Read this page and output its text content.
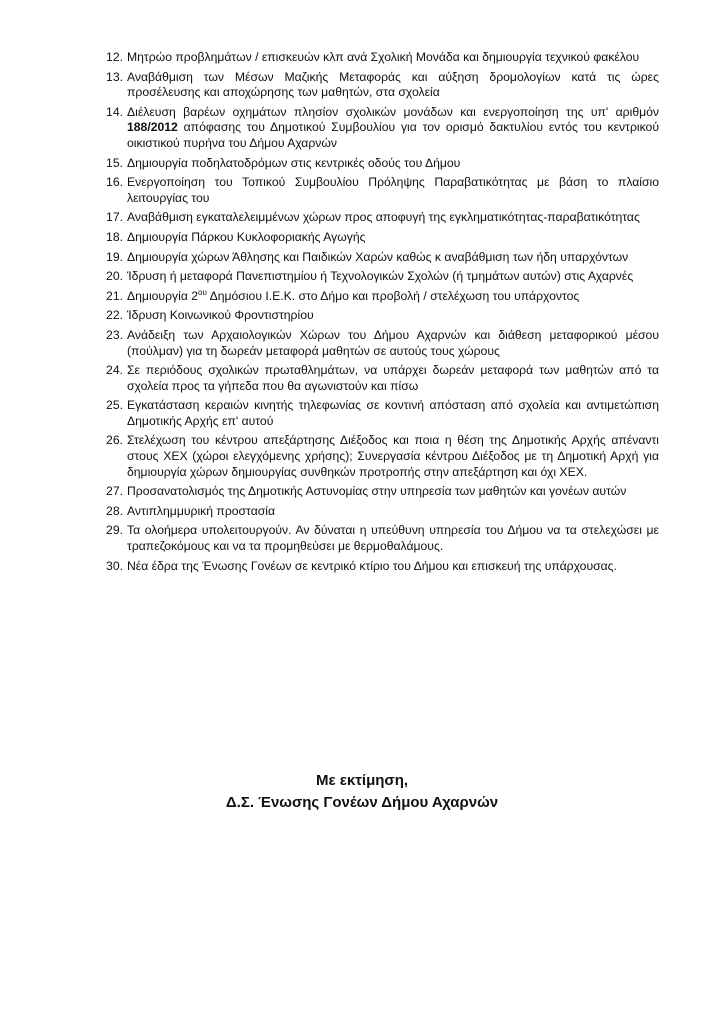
12. Μητρώο προβλημάτων / επισκευών κλπ ανά Σχολική Μονάδα και δημιουργία τεχνικού φακέλου
13. Αναβάθμιση των Μέσων Μαζικής Μεταφοράς και αύξηση δρομολογίων κατά τις ώρες προσέλευσης και αποχώρησης των μαθητών, στα σχολεία
14. Διέλευση βαρέων οχημάτων πλησίον σχολικών μονάδων και ενεργοποίηση της υπ' αριθμόν 188/2012 απόφασης του Δημοτικού Συμβουλίου για τον ορισμό δακτυλίου εντός του κεντρικού οικιστικού πυρήνα του Δήμου Αχαρνών
15. Δημιουργία ποδηλατοδρόμων στις κεντρικές οδούς του Δήμου
16. Ενεργοποίηση του Τοπικού Συμβουλίου Πρόληψης Παραβατικότητας με βάση το πλαίσιο λειτουργίας του
17. Αναβάθμιση εγκαταλελειμμένων χώρων προς αποφυγή της εγκληματικότητας-παραβατικότητας
18. Δημιουργία Πάρκου Κυκλοφοριακής Αγωγής
19. Δημιουργία χώρων Άθλησης και Παιδικών Χαρών καθώς κ αναβάθμιση των ήδη υπαρχόντων
20. Ίδρυση ή μεταφορά Πανεπιστημίου ή Τεχνολογικών Σχολών (ή τμημάτων αυτών) στις Αχαρνές
21. Δημιουργία $2^{o\upsilon}$ Δημόσιου Ι.Ε.Κ. στο Δήμο και προβολή / στελέχωση του υπάρχοντος
22. Ίδρυση Κοινωνικού Φροντιστηρίου
23. Ανάδειξη των Αρχαιολογικών Χώρων του Δήμου Αχαρνών και διάθεση μεταφορικού μέσου (πούλμαν) για τη δωρεάν μεταφορά μαθητών σε αυτούς τους χώρους
24. Σε περιόδους σχολικών πρωταθλημάτων, να υπάρχει δωρεάν μεταφορά των μαθητών από τα σχολεία προς τα γήπεδα που θα αγωνιστούν και πίσω
25. Εγκατάσταση κεραιών κινητής τηλεφωνίας σε κοντινή απόσταση από σχολεία και αντιμετώπιση Δημοτικής Αρχής επ' αυτού
26. Στελέχωση του κέντρου απεξάρτησης Διέξοδος και ποια η θέση της Δημοτικής Αρχής απέναντι στους ΧΕΧ (χώροι ελεγχόμενης χρήσης); Συνεργασία κέντρου Διέξοδος με τη Δημοτική Αρχή για δημιουργία χώρων δημιουργίας συνθηκών προτροπής στην απεξάρτηση και όχι ΧΕΧ.
27. Προσανατολισμός της Δημοτικής Αστυνομίας στην υπηρεσία των μαθητών και γονέων αυτών
28. Αντιπλημμυρική προστασία
29. Τα ολοήμερα υπολειτουργούν. Αν δύναται η υπεύθυνη υπηρεσία του Δήμου να τα στελεχώσει με τραπεζοκόμους και να τα προμηθεύσει με θερμοθαλάμους.
30. Νέα έδρα της Ένωσης Γονέων σε κεντρικό κτίριο του Δήμου και επισκευή της υπάρχουσας.
Με εκτίμηση,
Δ.Σ. Ένωσης Γονέων Δήμου Αχαρνών
